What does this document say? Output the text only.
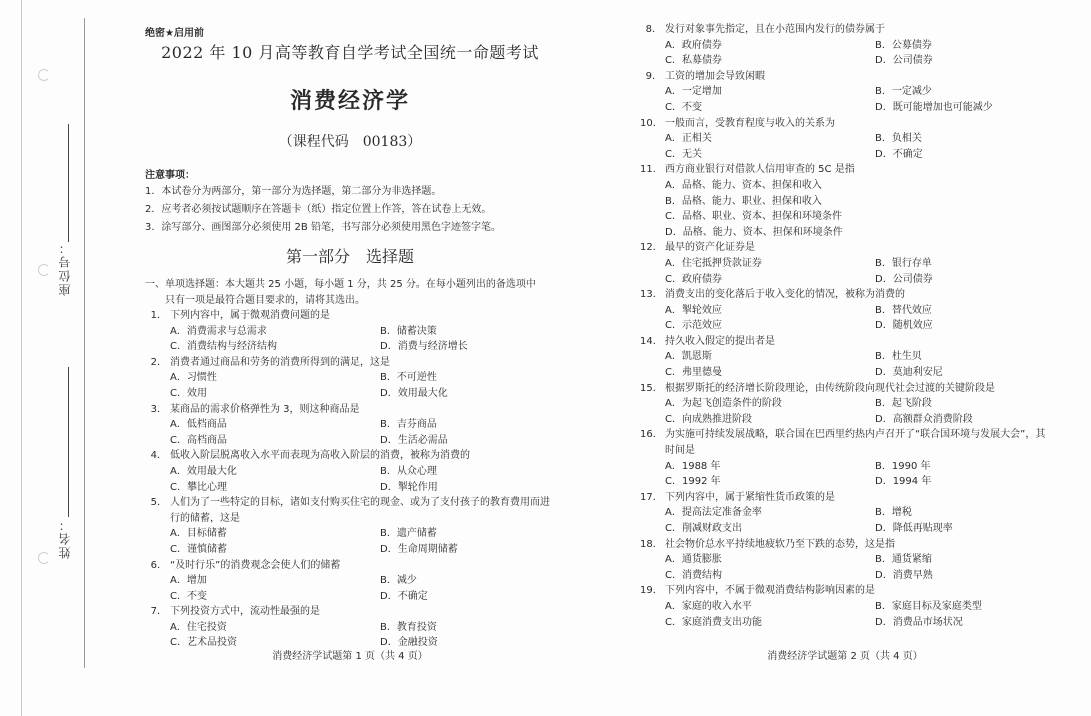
座位号：
姓名：
绝密★启用前
2022 年 10 月高等教育自学考试全国统一命题考试
消费经济学
（课程代码　00183）
注意事项：
1．本试卷分为两部分，第一部分为选择题，第二部分为非选择题。
2．应考者必须按试题顺序在答题卡（纸）指定位置上作答，答在试卷上无效。
3．涂写部分、画图部分必须使用 2B 铅笔，书写部分必须使用黑色字迹签字笔。
第一部分　选择题
一、单项选择题：本大题共 25 小题，每小题 1 分，共 25 分。在每小题列出的备选项中
只有一项是最符合题目要求的，请将其选出。
1． 下列内容中，属于微观消费问题的是
A．消费需求与总需求	B．储蓄决策
C．消费结构与经济结构	D．消费与经济增长
2． 消费者通过商品和劳务的消费所得到的满足，这是
A．习惯性	B．不可逆性
C．效用	D．效用最大化
3． 某商品的需求价格弹性为 3，则这种商品是
A．低档商品	B．吉芬商品
C．高档商品	D．生活必需品
4． 低收入阶层脱离收入水平而表现为高收入阶层的消费，被称为消费的
A．效用最大化	B．从众心理
C．攀比心理	D．掣轮作用
5． 人们为了一些特定的目标，诸如支付购买住宅的现金、或为了支付孩子的教育费用而进行的储蓄，这是
A．目标储蓄	B．遗产储蓄
C．谨慎储蓄	D．生命周期储蓄
6． “及时行乐”的消费观念会使人们的储蓄
A．增加	B．减少
C．不变	D．不确定
7． 下列投资方式中，流动性最强的是
A．住宅投资	B．教育投资
C．艺术品投资	D．金融投资
消费经济学试题第 1 页（共 4 页）
8． 发行对象事先指定，且在小范围内发行的债券属于
A．政府债券	B．公募债券
C．私募债券	D．公司债券
9． 工资的增加会导致闲暇
A．一定增加	B．一定减少
C．不变	D．既可能增加也可能减少
10． 一般而言，受教育程度与收入的关系为
A．正相关	B．负相关
C．无关	D．不确定
11． 西方商业银行对借款人信用审查的 5C 是指
A．品格、能力、资本、担保和收入
B．品格、能力、职业、担保和收入
C．品格、职业、资本、担保和环境条件
D．品格、能力、资本、担保和环境条件
12． 最早的资产化证券是
A．住宅抵押贷款证券	B．银行存单
C．政府债券	D．公司债券
13． 消费支出的变化落后于收入变化的情况，被称为消费的
A．掣轮效应	B．替代效应
C．示范效应	D．随机效应
14． 持久收入假定的提出者是
A．凯恩斯	B．杜生贝
C．弗里德曼	D．莫迪利安尼
15． 根据罗斯托的经济增长阶段理论，由传统阶段向现代社会过渡的关键阶段是
A．为起飞创造条件的阶段	B．起飞阶段
C．向成熟推进阶段	D．高额群众消费阶段
16． 为实施可持续发展战略，联合国在巴西里约热内卢召开了“联合国环境与发展大会”，其时间是
A．1988 年	B．1990 年
C．1992 年	D．1994 年
17． 下列内容中，属于紧缩性货币政策的是
A．提高法定准备金率	B．增税
C．削减财政支出	D．降低再贴现率
18． 社会物价总水平持续地疲软乃至下跌的态势，这是指
A．通货膨胀	B．通货紧缩
C．消费结构	D．消费早熟
19． 下列内容中，不属于微观消费结构影响因素的是
A．家庭的收入水平	B．家庭目标及家庭类型
C．家庭消费支出功能	D．消费品市场状况
消费经济学试题第 2 页（共 4 页）
